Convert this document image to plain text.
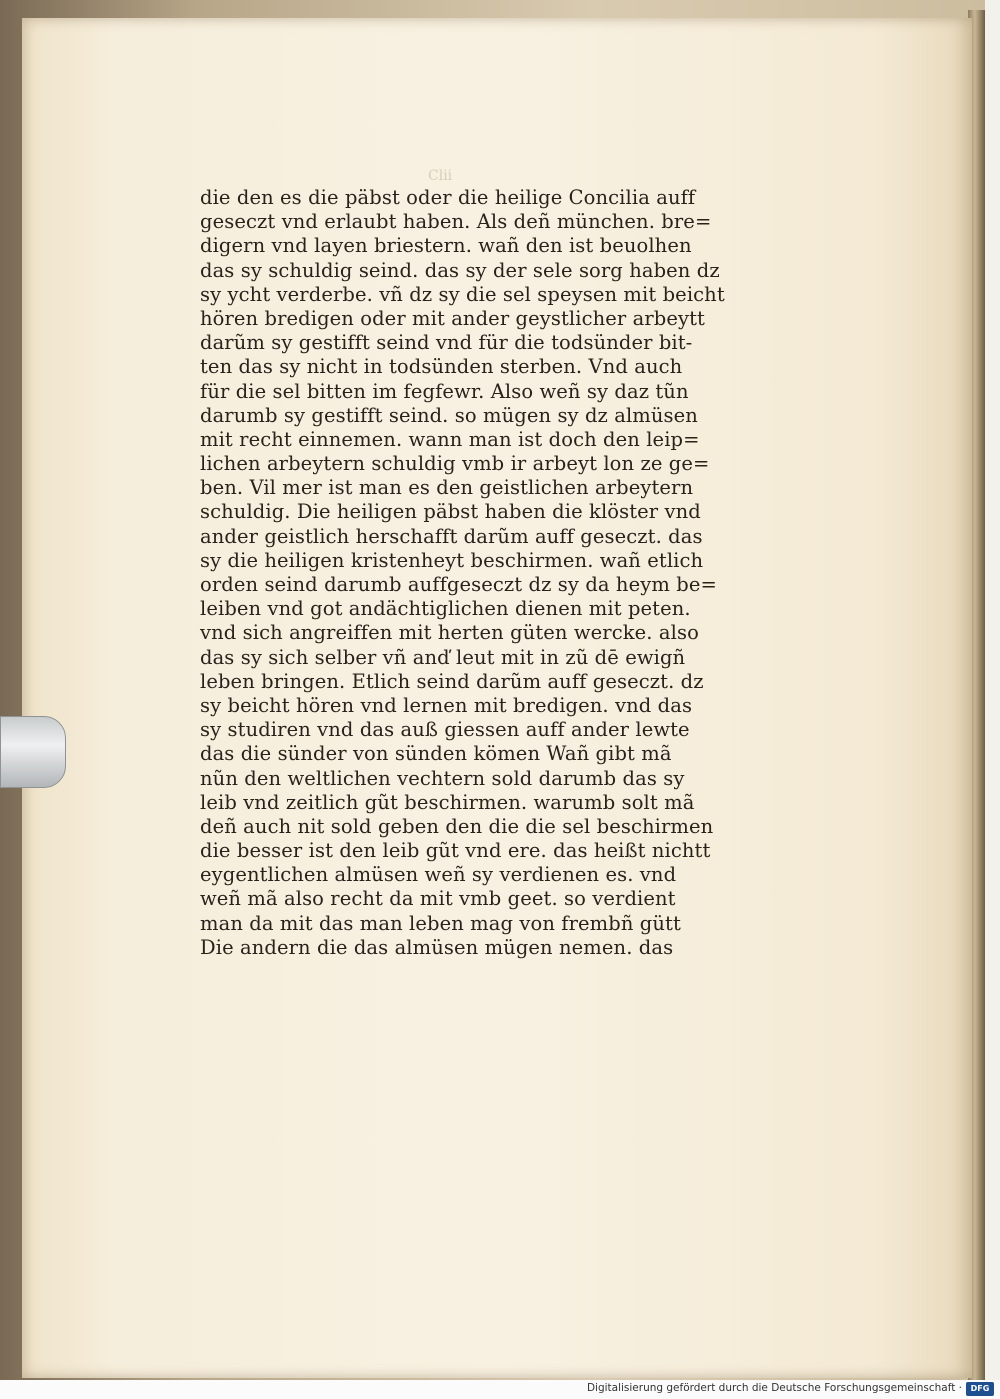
Clii
die den es die päbst oder die heilige Concilia auff
geseczt vnd erlaubt haben. Als deñ münchen. bre=
digern vnd layen briestern. wañ den ist beuolhen
das sy schuldig seind. das sy der sele sorg haben dz
sy ycht verderbe. vñ dz sy die sel speysen mit beicht
hören bredigen oder mit ander geystlicher arbeytt
darũm sy gestifft seind vnd für die todsünder bit-
ten das sy nicht in todsünden sterben. Vnd auch
für die sel bitten im fegfewr. Also weñ sy daz tũn
darumb sy gestifft seind. so mügen sy dz almüsen
mit recht einnemen. wann man ist doch den leip=
lichen arbeytern schuldig vmb ir arbeyt lon ze ge=
ben. Vil mer ist man es den geistlichen arbeytern
schuldig. Die heiligen päbst haben die klöster vnd
ander geistlich herschafft darũm auff geseczt. das
sy die heiligen kristenheyt beschirmen. wañ etlich
orden seind darumb auffgeseczt dz sy da heym be=
leiben vnd got andächtiglichen dienen mit peten.
vnd sich angreiffen mit herten güten wercke. also
das sy sich selber vñ anď leut mit in zũ dē ewigñ
leben bringen. Etlich seind darũm auff geseczt. dz
sy beicht hören vnd lernen mit bredigen. vnd das
sy studiren vnd das auß giessen auff ander lewte
das die sünder von sünden kömen Wañ gibt mã
nũn den weltlichen vechtern sold darumb das sy
leib vnd zeitlich gũt beschirmen. warumb solt mã
deñ auch nit sold geben den die die sel beschirmen
die besser ist den leib gũt vnd ere. das heißt nichtt
eygentlichen almüsen weñ sy verdienen es. vnd
weñ mã also recht da mit vmb geet. so verdient
man da mit das man leben mag von frembñ gütt
Die andern die das almüsen mügen nemen. das
Digitalisierung gefördert durch die Deutsche Forschungsgemeinschaft ·	DFG
